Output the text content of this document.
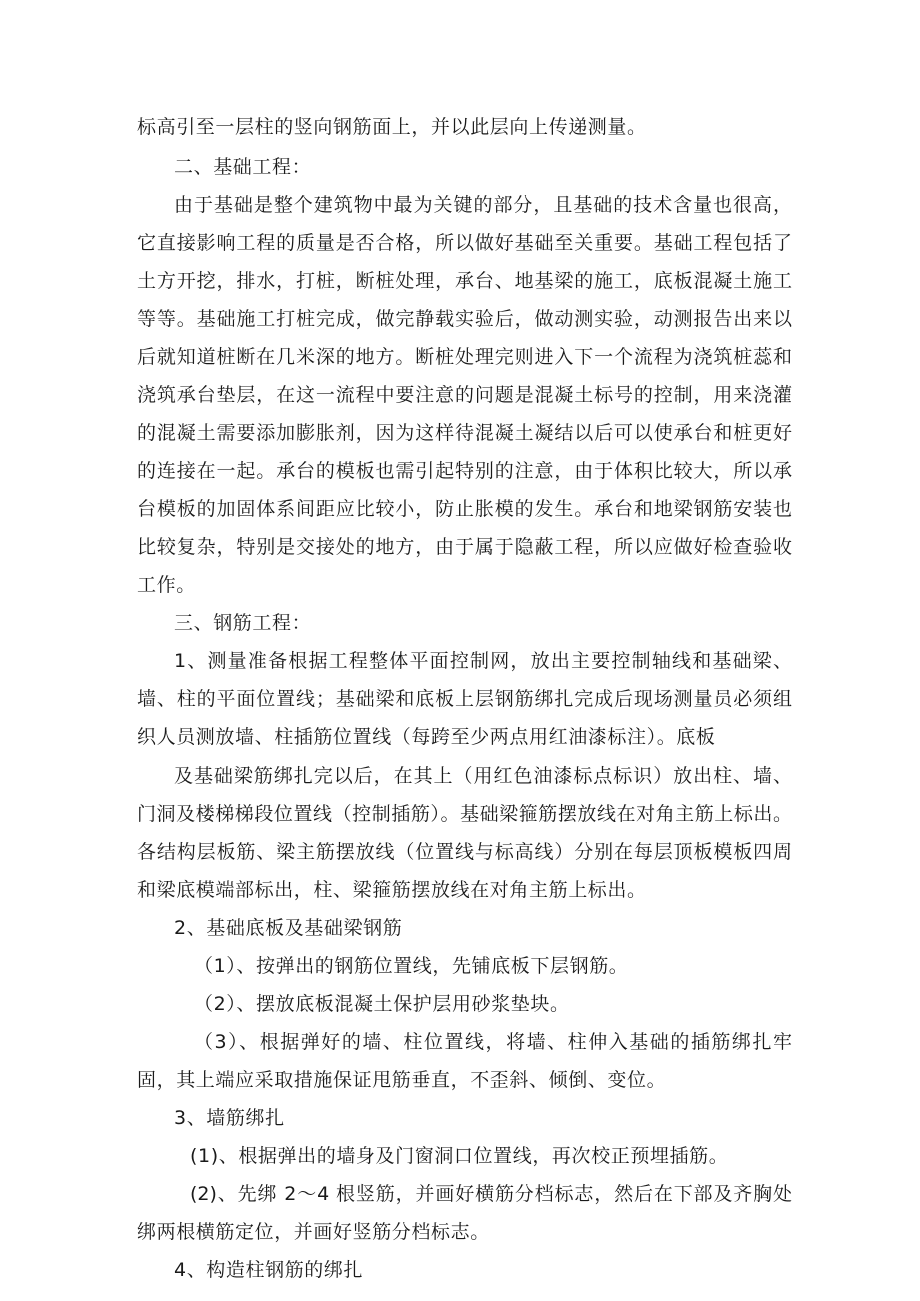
标高引至一层柱的竖向钢筋面上，并以此层向上传递测量。
二、基础工程：
由于基础是整个建筑物中最为关键的部分，且基础的技术含量也很高，
它直接影响工程的质量是否合格，所以做好基础至关重要。基础工程包括了
土方开挖，排水，打桩，断桩处理，承台、地基梁的施工，底板混凝土施工
等等。基础施工打桩完成，做完静载实验后，做动测实验，动测报告出来以
后就知道桩断在几米深的地方。断桩处理完则进入下一个流程为浇筑桩蕊和
浇筑承台垫层，在这一流程中要注意的问题是混凝土标号的控制，用来浇灌
的混凝土需要添加膨胀剂，因为这样待混凝土凝结以后可以使承台和桩更好
的连接在一起。承台的模板也需引起特别的注意，由于体积比较大，所以承
台模板的加固体系间距应比较小，防止胀模的发生。承台和地梁钢筋安装也
比较复杂，特别是交接处的地方，由于属于隐蔽工程，所以应做好检查验收
工作。
三、钢筋工程：
1、测量准备根据工程整体平面控制网，放出主要控制轴线和基础梁、
墙、柱的平面位置线；基础梁和底板上层钢筋绑扎完成后现场测量员必须组
织人员测放墙、柱插筋位置线（每跨至少两点用红油漆标注）。底板
及基础梁筋绑扎完以后，在其上（用红色油漆标点标识）放出柱、墙、
门洞及楼梯梯段位置线（控制插筋）。基础梁箍筋摆放线在对角主筋上标出。
各结构层板筋、梁主筋摆放线（位置线与标高线）分别在每层顶板模板四周
和梁底模端部标出，柱、梁箍筋摆放线在对角主筋上标出。
2、基础底板及基础梁钢筋
（1）、按弹出的钢筋位置线，先铺底板下层钢筋。
（2）、摆放底板混凝土保护层用砂浆垫块。
（3）、根据弹好的墙、柱位置线，将墙、柱伸入基础的插筋绑扎牢
固，其上端应采取措施保证甩筋垂直，不歪斜、倾倒、变位。
3、墙筋绑扎
(1)、根据弹出的墙身及门窗洞口位置线，再次校正预埋插筋。
(2)、先绑 2～4 根竖筋，并画好横筋分档标志，然后在下部及齐胸处
绑两根横筋定位，并画好竖筋分档标志。
4、构造柱钢筋的绑扎
